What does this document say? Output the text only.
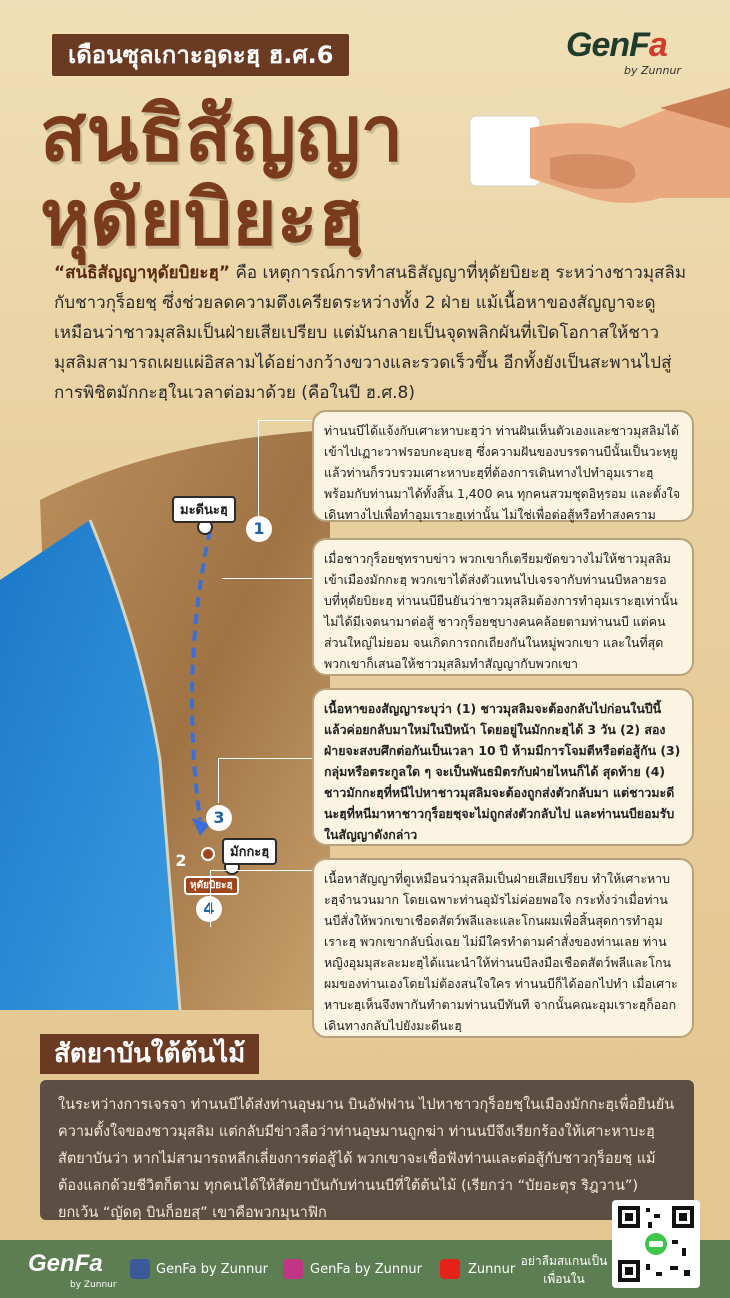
เดือนซุลเกาะอฺดะฮฺ ฮ.ศ.6	GenFa
by Zunnur
สนธิสัญญา
หุดัยบิยะฮฺ
“สนธิสัญญาหุดัยบิยะฮฺ” คือ เหตุการณ์การทำสนธิสัญญาที่หุดัยบิยะฮฺ ระหว่างชาวมุสลิมกับชาวกุร็อยชฺ ซึ่งช่วยลดความตึงเครียดระหว่างทั้ง 2 ฝ่าย แม้เนื้อหาของสัญญาจะดูเหมือนว่าชาวมุสลิมเป็นฝ่ายเสียเปรียบ แต่มันกลายเป็นจุดพลิกผันที่เปิดโอกาสให้ชาวมุสลิมสามารถเผยแผ่อิสลามได้อย่างกว้างขวางและรวดเร็วขึ้น อีกทั้งยังเป็นสะพานไปสู่การพิชิตมักกะฮฺในเวลาต่อมาด้วย (คือในปี ฮ.ศ.8)
มะดีนะฮฺ
มักกะฮฺ
หุดัยบิยะฮฺ
1
2
3
4
ท่านนบีได้แจ้งกับเศาะหาบะฮฺว่า ท่านฝันเห็นตัวเองและชาวมุสลิมได้เข้าไปเฏาะวาฟรอบกะอฺบะฮฺ ซึ่งความฝันของบรรดานบีนั้นเป็นวะหฺยู แล้วท่านก็รวบรวมเศาะหาบะฮฺที่ต้องการเดินทางไปทำอุมเราะฮฺพร้อมกับท่านมาได้ทั้งสิ้น 1,400 คน ทุกคนสวมชุดอิหฺรอม และตั้งใจเดินทางไปเพื่อทำอุมเราะฮฺเท่านั้น ไม่ใช่เพื่อต่อสู้หรือทำสงคราม
เมื่อชาวกุร็อยชฺทราบข่าว พวกเขาก็เตรียมขัดขวางไม่ให้ชาวมุสลิมเข้าเมืองมักกะฮฺ พวกเขาได้ส่งตัวแทนไปเจรจากับท่านนบีหลายรอบที่หุดัยบิยะฮฺ ท่านนบียืนยันว่าชาวมุสลิมต้องการทำอุมเราะฮฺเท่านั้น ไม่ได้มีเจตนามาต่อสู้ ชาวกุร็อยชฺบางคนคล้อยตามท่านนบี แต่คนส่วนใหญ่ไม่ยอม จนเกิดการถกเถียงกันในหมู่พวกเขา และในที่สุดพวกเขาก็เสนอให้ชาวมุสลิมทำสัญญากับพวกเขา
เนื้อหาของสัญญาระบุว่า (1) ชาวมุสลิมจะต้องกลับไปก่อนในปีนี้ แล้วค่อยกลับมาใหม่ในปีหน้า โดยอยู่ในมักกะฮฺได้ 3 วัน (2) สองฝ่ายจะสงบศึกต่อกันเป็นเวลา 10 ปี ห้ามมีการโจมตีหรือต่อสู้กัน (3) กลุ่มหรือตระกูลใด ๆ จะเป็นพันธมิตรกับฝ่ายไหนก็ได้ สุดท้าย (4) ชาวมักกะฮฺที่หนีไปหาชาวมุสลิมจะต้องถูกส่งตัวกลับมา แต่ชาวมะดีนะฮฺที่หนีมาหาชาวกุร็อยชฺจะไม่ถูกส่งตัวกลับไป และท่านนบียอมรับในสัญญาดังกล่าว
เนื้อหาสัญญาที่ดูเหมือนว่ามุสลิมเป็นฝ่ายเสียเปรียบ ทำให้เศาะหาบะฮฺจำนวนมาก โดยเฉพาะท่านอุมัรไม่ค่อยพอใจ กระทั่งว่าเมื่อท่านนบีสั่งให้พวกเขาเชือดสัตว์พลีและและโกนผมเพื่อสิ้นสุดการทำอุมเราะฮฺ พวกเขากลับนิ่งเฉย ไม่มีใครทำตามคำสั่งของท่านเลย ท่านหญิงอุมมุสะละมะฮฺได้แนะนำให้ท่านนบีลงมือเชือดสัตว์พลีและโกนผมของท่านเองโดยไม่ต้องสนใจใคร ท่านนบีก็ได้ออกไปทำ เมื่อเศาะหาบะฮฺเห็นจึงพากันทำตามท่านนบีทันที จากนั้นคณะอุมเราะฮฺก็ออกเดินทางกลับไปยังมะดีนะฮฺ
สัตยาบันใต้ต้นไม้
ในระหว่างการเจรจา ท่านนบีได้ส่งท่านอุษมาน บินอัฟฟาน ไปหาชาวกุร็อยชฺในเมืองมักกะฮฺเพื่อยืนยันความตั้งใจของชาวมุสลิม แต่กลับมีข่าวลือว่าท่านอุษมานถูกฆ่า ท่านนบีจึงเรียกร้องให้เศาะหาบะฮฺสัตยาบันว่า หากไม่สามารถหลีกเลี่ยงการต่อสู้ได้ พวกเขาจะเชื่อฟังท่านและต่อสู้กับชาวกุร็อยชฺ แม้ต้องแลกด้วยชีวิตก็ตาม ทุกคนได้ให้สัตยาบันกับท่านนบีที่ใต้ต้นไม้ (เรียกว่า “บัยอะตุร ริฎวาน”) ยกเว้น “ญัดดฺ บินก็อยสฺ” เขาคือพวกมุนาฟิก
GenFa
by Zunnur
GenFa by Zunnur	GenFa by Zunnur	Zunnur
อย่าลืมสแกนเป็นเพื่อนใน
